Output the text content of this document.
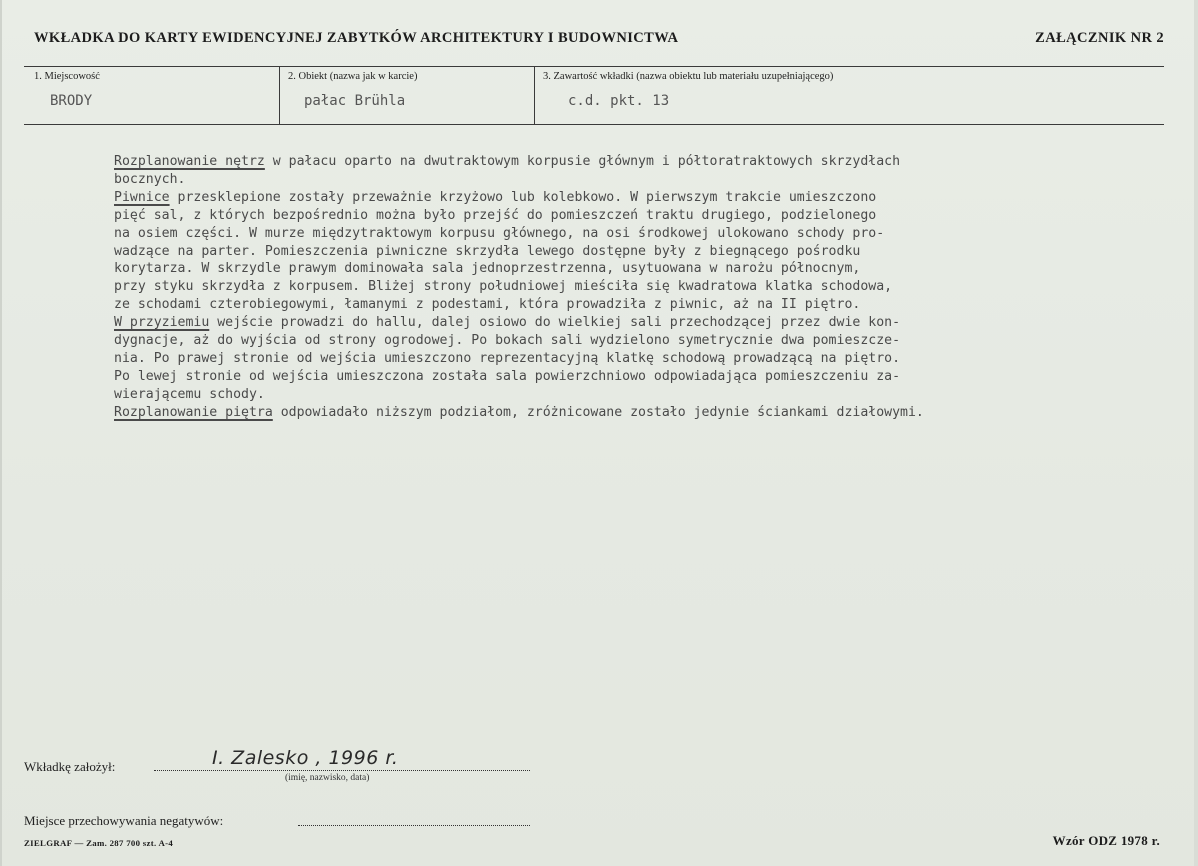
WKŁADKA DO KARTY EWIDENCYJNEJ ZABYTKÓW ARCHITEKTURY I BUDOWNICTWA	ZAŁĄCZNIK NR 2
1. Miejscowość
BRODY
2. Obiekt (nazwa jak w karcie)
pałac Brühla
3. Zawartość wkładki (nazwa obiektu lub materiału uzupełniającego)
c.d. pkt. 13
Rozplanowanie nętrz w pałacu oparto na dwutraktowym korpusie głównym i półtoratraktowych skrzydłach
bocznych.
Piwnice przesklepione zostały przeważnie krzyżowo lub kolebkowo. W pierwszym trakcie umieszczono
pięć sal, z których bezpośrednio można było przejść do pomieszczeń traktu drugiego, podzielonego
na osiem części. W murze międzytraktowym korpusu głównego, na osi środkowej ulokowano schody pro-
wadzące na parter. Pomieszczenia piwniczne skrzydła lewego dostępne były z biegnącego pośrodku
korytarza. W skrzydle prawym dominowała sala jednoprzestrzenna, usytuowana w narożu północnym,
przy styku skrzydła z korpusem. Bliżej strony południowej mieściła się kwadratowa klatka schodowa,
ze schodami czterobiegowymi, łamanymi z podestami, która prowadziła z piwnic, aż na II piętro.
W przyziemiu wejście prowadzi do hallu, dalej osiowo do wielkiej sali przechodzącej przez dwie kon-
dygnacje, aż do wyjścia od strony ogrodowej. Po bokach sali wydzielono symetrycznie dwa pomieszcze-
nia. Po prawej stronie od wejścia umieszczono reprezentacyjną klatkę schodową prowadzącą na piętro.
Po lewej stronie od wejścia umieszczona została sala powierzchniowo odpowiadająca pomieszczeniu za-
wierającemu schody.
Rozplanowanie piętra odpowiadało niższym podziałom, zróżnicowane zostało jedynie ściankami działowymi.
Wkładkę założył:	I. Zalesko , 1996 r.
(imię, nazwisko, data)
Miejsce przechowywania negatywów:
ZIELGRAF — Zam. 287 700 szt. A-4	Wzór ODZ 1978 r.
